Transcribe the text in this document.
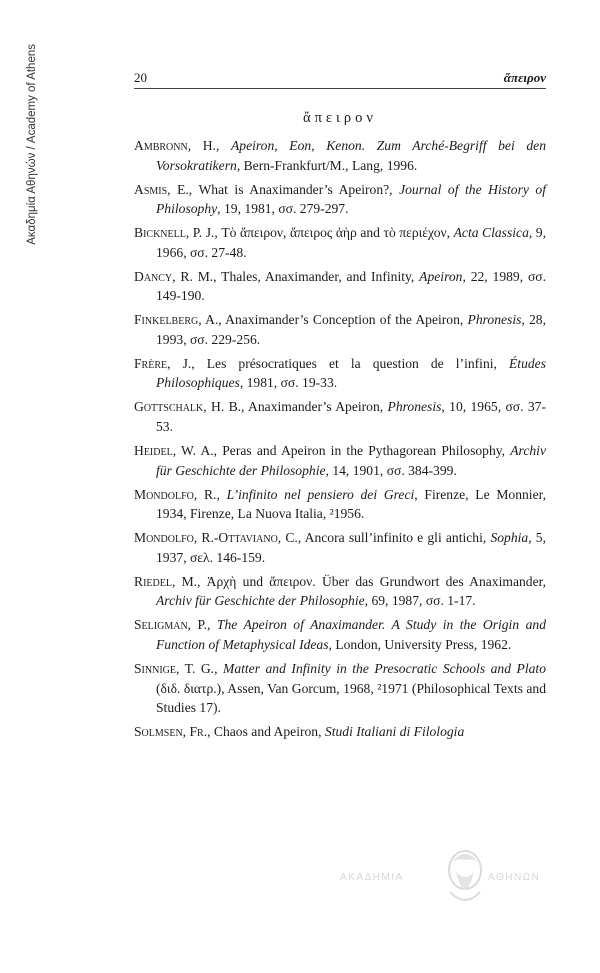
Ακαδημία Αθηνών / Academy of Athens	20	ἄπειρον
ἄπειρον
Ambronn, H., Apeiron, Eon, Kenon. Zum Arché-Begriff bei den Vorsokratikern, Bern-Frankfurt/M., Lang, 1996.
Asmis, E., What is Anaximander’s Apeiron?, Journal of the History of Philosophy, 19, 1981, σσ. 279-297.
Bicknell, P. J., Τὸ ἄπειρον, ἄπειρος ἀὴρ and τὸ περιέχον, Acta Classica, 9, 1966, σσ. 27-48.
Dancy, R. M., Thales, Anaximander, and Infinity, Apeiron, 22, 1989, σσ. 149-190.
Finkelberg, A., Anaximander’s Conception of the Apeiron, Phronesis, 28, 1993, σσ. 229-256.
Frère, J., Les présocratiques et la question de l’infini, Études Philosophiques, 1981, σσ. 19-33.
Gottschalk, H. B., Anaximander’s Apeiron, Phronesis, 10, 1965, σσ. 37-53.
Heidel, W. A., Peras and Apeiron in the Pythagorean Philosophy, Archiv für Geschichte der Philosophie, 14, 1901, σσ. 384-399.
Mondolfo, R., L’infinito nel pensiero dei Greci, Firenze, Le Monnier, 1934, Firenze, La Nuova Italia, ²1956.
Mondolfo, R.-Ottaviano, C., Ancora sull’infinito e gli antichi, Sophia, 5, 1937, σελ. 146-159.
Riedel, M., Ἀρχὴ und ἄπειρον. Über das Grundwort des Anaximander, Archiv für Geschichte der Philosophie, 69, 1987, σσ. 1-17.
Seligman, P., The Apeiron of Anaximander. A Study in the Origin and Function of Metaphysical Ideas, London, University Press, 1962.
Sinnige, T. G., Matter and Infinity in the Presocratic Schools and Plato (διδ. διατρ.), Assen, Van Gorcum, 1968, ²1971 (Philosophical Texts and Studies 17).
Solmsen, Fr., Chaos and Apeiron, Studi Italiani di Filologia
ΑΚΑΔΗΜΙΑ	ΑΘΗΝΩΝ
